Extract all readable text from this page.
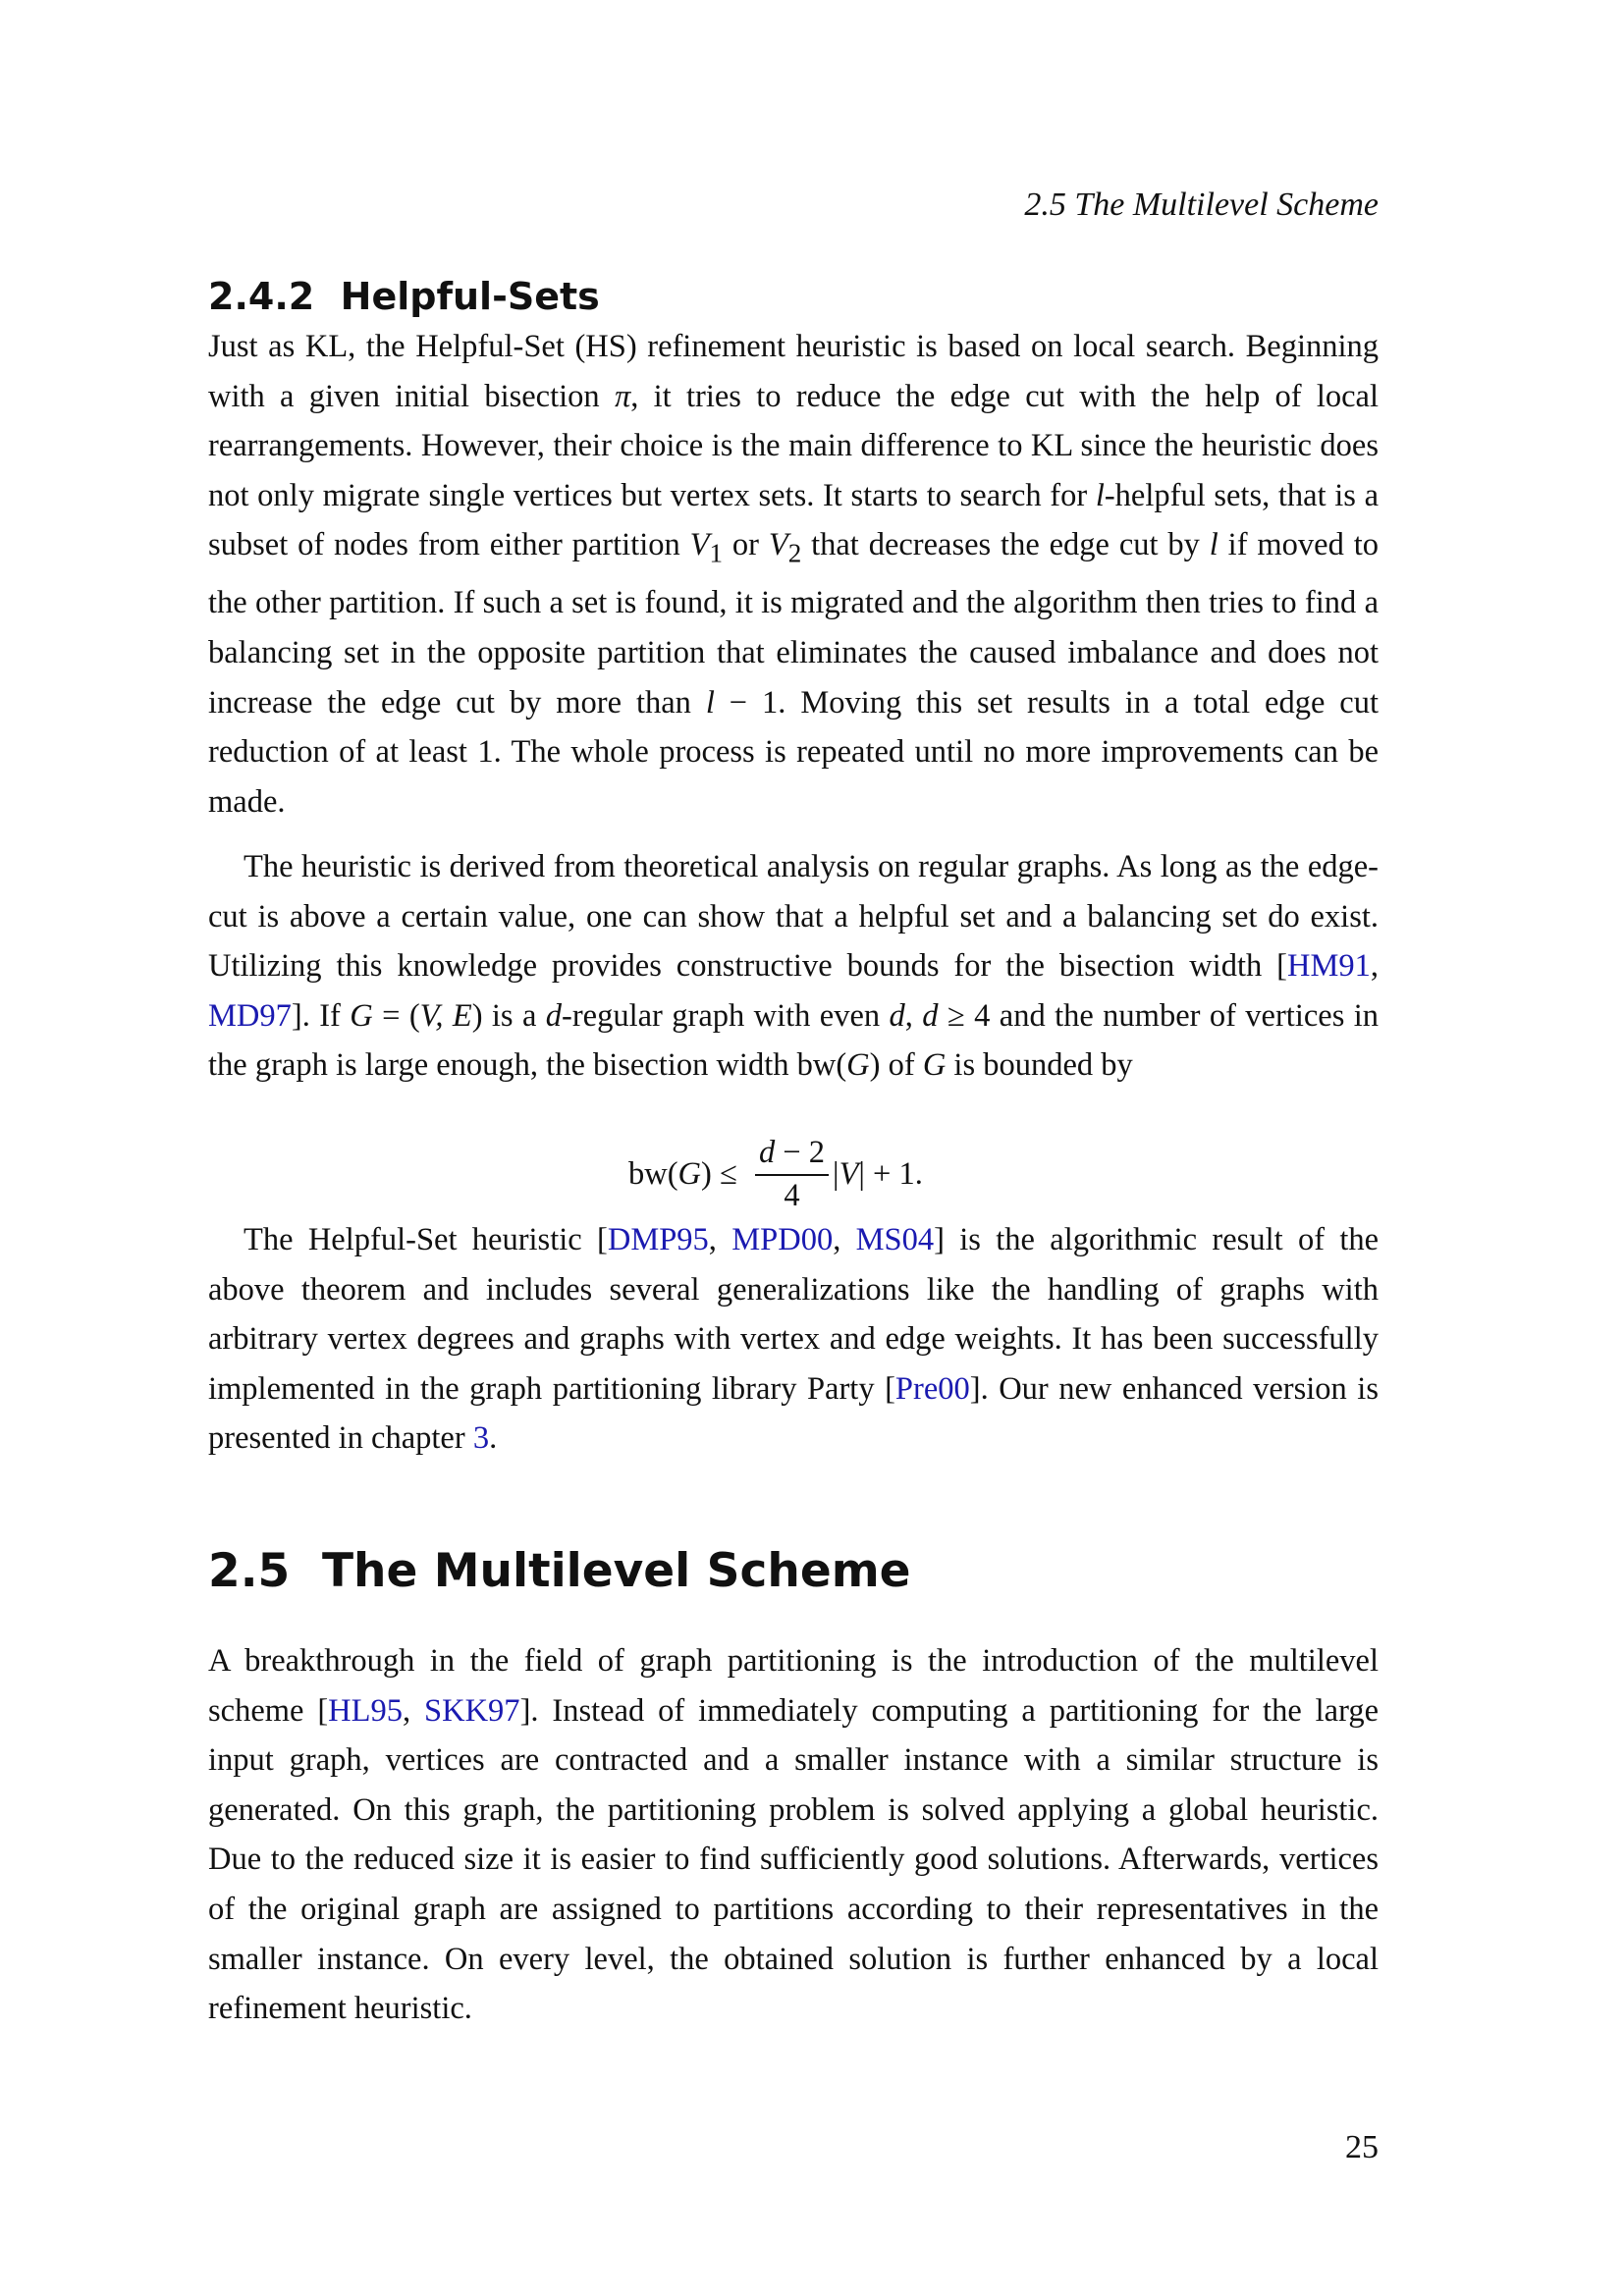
2.5 The Multilevel Scheme
2.4.2 Helpful-Sets

Just as KL, the Helpful-Set (HS) refinement heuristic is based on local search. Beginning with a given initial bisection π, it tries to reduce the edge cut with the help of local rearrangements. However, their choice is the main difference to KL since the heuristic does not only migrate single vertices but vertex sets. It starts to search for l-helpful sets, that is a subset of nodes from either partition $V_1$ or $V_2$ that decreases the edge cut by l if moved to the other partition. If such a set is found, it is migrated and the algorithm then tries to find a balancing set in the opposite partition that eliminates the caused imbalance and does not increase the edge cut by more than l − 1. Moving this set results in a total edge cut reduction of at least 1. The whole process is repeated until no more improvements can be made.

The heuristic is derived from theoretical analysis on regular graphs. As long as the edge-cut is above a certain value, one can show that a helpful set and a balancing set do exist. Utilizing this knowledge provides constructive bounds for the bisection width [HM91, MD97]. If G = (V, E) is a d-regular graph with even d, d ≥ 4 and the number of vertices in the graph is large enough, the bisection width bw(G) of G is bounded by

bw( G ) ≤ $\frac{d - 2}{4}$ | V | + 1.

The Helpful-Set heuristic [DMP95, MPD00, MS04] is the algorithmic result of the above theorem and includes several generalizations like the handling of graphs with arbitrary vertex degrees and graphs with vertex and edge weights. It has been successfully implemented in the graph partitioning library Party [Pre00]. Our new enhanced version is presented in chapter 3.

2.5 The Multilevel Scheme

A breakthrough in the field of graph partitioning is the introduction of the multilevel scheme [HL95, SKK97]. Instead of immediately computing a partitioning for the large input graph, vertices are contracted and a smaller instance with a similar structure is generated. On this graph, the partitioning problem is solved applying a global heuristic. Due to the reduced size it is easier to find sufficiently good solutions. Afterwards, vertices of the original graph are assigned to partitions according to their representatives in the smaller instance. On every level, the obtained solution is further enhanced by a local refinement heuristic.

25
